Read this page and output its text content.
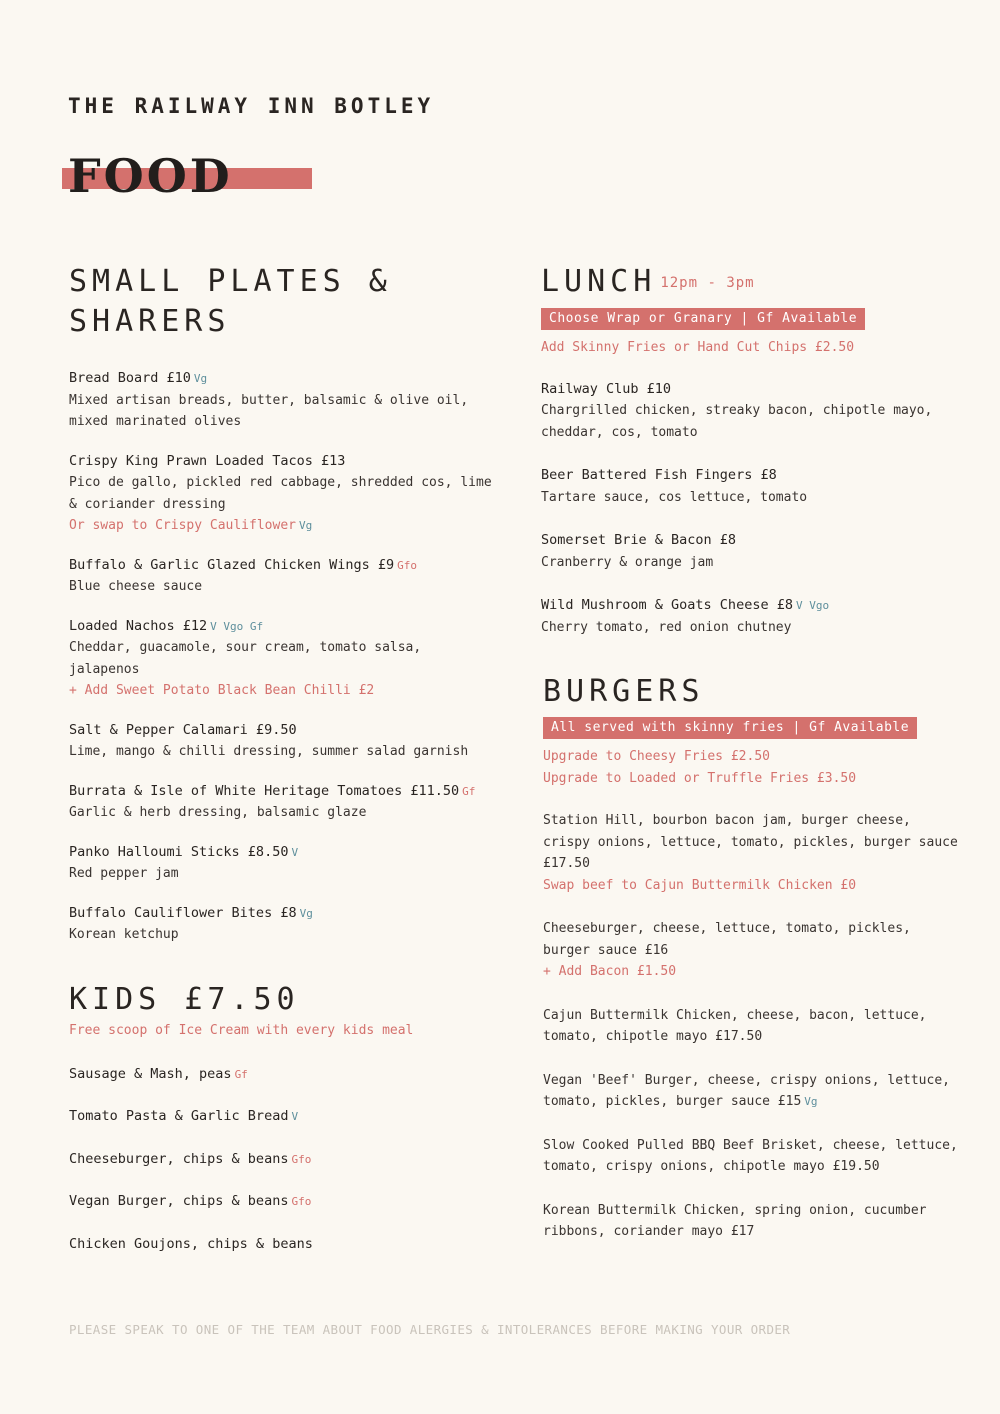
THE RAILWAY INN BOTLEY
FOOD
SMALL PLATES &
SHARERS
Bread Board £10 Vg
Mixed artisan breads, butter, balsamic & olive oil, mixed marinated olives
Crispy King Prawn Loaded Tacos £13
Pico de gallo, pickled red cabbage, shredded cos, lime & coriander dressing
Or swap to Crispy Cauliflower Vg
Buffalo & Garlic Glazed Chicken Wings £9 Gfo
Blue cheese sauce
Loaded Nachos £12 V Vgo Gf
Cheddar, guacamole, sour cream, tomato salsa, jalapenos
+ Add Sweet Potato Black Bean Chilli £2
Salt & Pepper Calamari £9.50
Lime, mango & chilli dressing, summer salad garnish
Burrata & Isle of White Heritage Tomatoes £11.50 Gf
Garlic & herb dressing, balsamic glaze
Panko Halloumi Sticks £8.50 V
Red pepper jam
Buffalo Cauliflower Bites £8 Vg
Korean ketchup
KIDS £7.50
Free scoop of Ice Cream with every kids meal
Sausage & Mash, peas Gf
Tomato Pasta & Garlic Bread V
Cheeseburger, chips & beans Gfo
Vegan Burger, chips & beans Gfo
Chicken Goujons, chips & beans
LUNCH 12pm - 3pm
Choose Wrap or Granary | Gf Available
Add Skinny Fries or Hand Cut Chips £2.50
Railway Club £10
Chargrilled chicken, streaky bacon, chipotle mayo, cheddar, cos, tomato
Beer Battered Fish Fingers £8
Tartare sauce, cos lettuce, tomato
Somerset Brie & Bacon £8
Cranberry & orange jam
Wild Mushroom & Goats Cheese £8 V Vgo
Cherry tomato, red onion chutney
BURGERS
All served with skinny fries | Gf Available
Upgrade to Cheesy Fries £2.50
Upgrade to Loaded or Truffle Fries £3.50
Station Hill, bourbon bacon jam, burger cheese, crispy onions, lettuce, tomato, pickles, burger sauce £17.50
Swap beef to Cajun Buttermilk Chicken £0
Cheeseburger, cheese, lettuce, tomato, pickles, burger sauce £16
+ Add Bacon £1.50
Cajun Buttermilk Chicken, cheese, bacon, lettuce, tomato, chipotle mayo £17.50
Vegan 'Beef' Burger, cheese, crispy onions, lettuce, tomato, pickles, burger sauce £15 Vg
Slow Cooked Pulled BBQ Beef Brisket, cheese, lettuce, tomato, crispy onions, chipotle mayo £19.50
Korean Buttermilk Chicken, spring onion, cucumber ribbons, coriander mayo £17
PLEASE SPEAK TO ONE OF THE TEAM ABOUT FOOD ALERGIES & INTOLERANCES BEFORE MAKING YOUR ORDER
